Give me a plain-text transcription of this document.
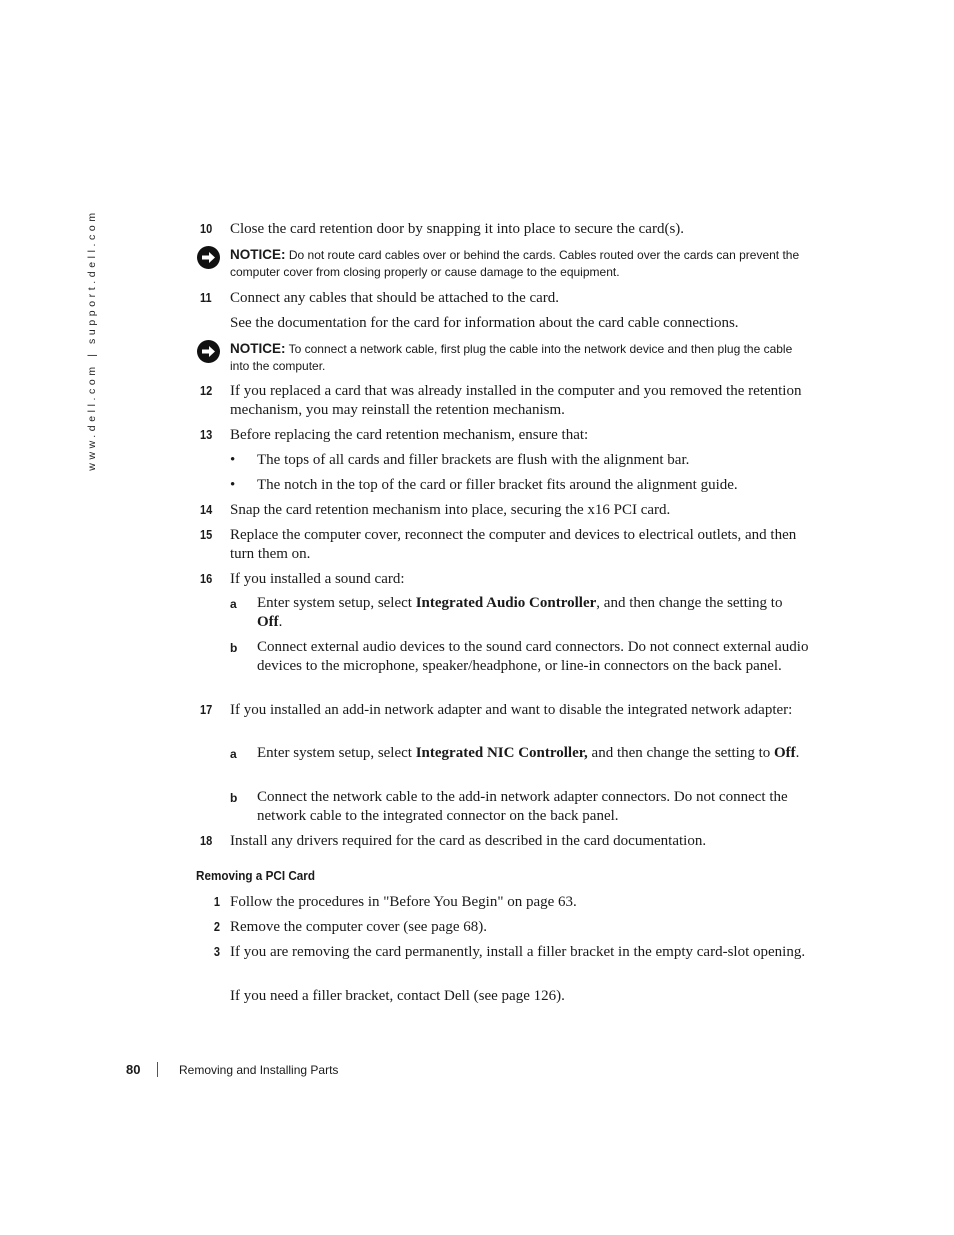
www.dell.com | support.dell.com	10 Close the card retention door by snapping it into place to secure the card(s).
NOTICE: Do not route card cables over or behind the cards. Cables routed over the cards can prevent the computer cover from closing properly or cause damage to the equipment.
11 Connect any cables that should be attached to the card.
See the documentation for the card for information about the card cable connections.
NOTICE: To connect a network cable, first plug the cable into the network device and then plug the cable into the computer.
12 If you replaced a card that was already installed in the computer and you removed the retention mechanism, you may reinstall the retention mechanism.
13 Before replacing the card retention mechanism, ensure that:
• The tops of all cards and filler brackets are flush with the alignment bar.
• The notch in the top of the card or filler bracket fits around the alignment guide.
14 Snap the card retention mechanism into place, securing the x16 PCI card.
15 Replace the computer cover, reconnect the computer and devices to electrical outlets, and then turn them on.
16 If you installed a sound card:
a Enter system setup, select Integrated Audio Controller, and then change the setting to Off.
b Connect external audio devices to the sound card connectors. Do not connect external audio devices to the microphone, speaker/headphone, or line-in connectors on the back panel.
17 If you installed an add-in network adapter and want to disable the integrated network adapter:
a Enter system setup, select Integrated NIC Controller, and then change the setting to Off.
b Connect the network cable to the add-in network adapter connectors. Do not connect the network cable to the integrated connector on the back panel.
18 Install any drivers required for the card as described in the card documentation.
Removing a PCI Card
1 Follow the procedures in "Before You Begin" on page 63.
2 Remove the computer cover (see page 68).
3 If you are removing the card permanently, install a filler bracket in the empty card-slot opening.
If you need a filler bracket, contact Dell (see page 126).
80	Removing and Installing Parts
